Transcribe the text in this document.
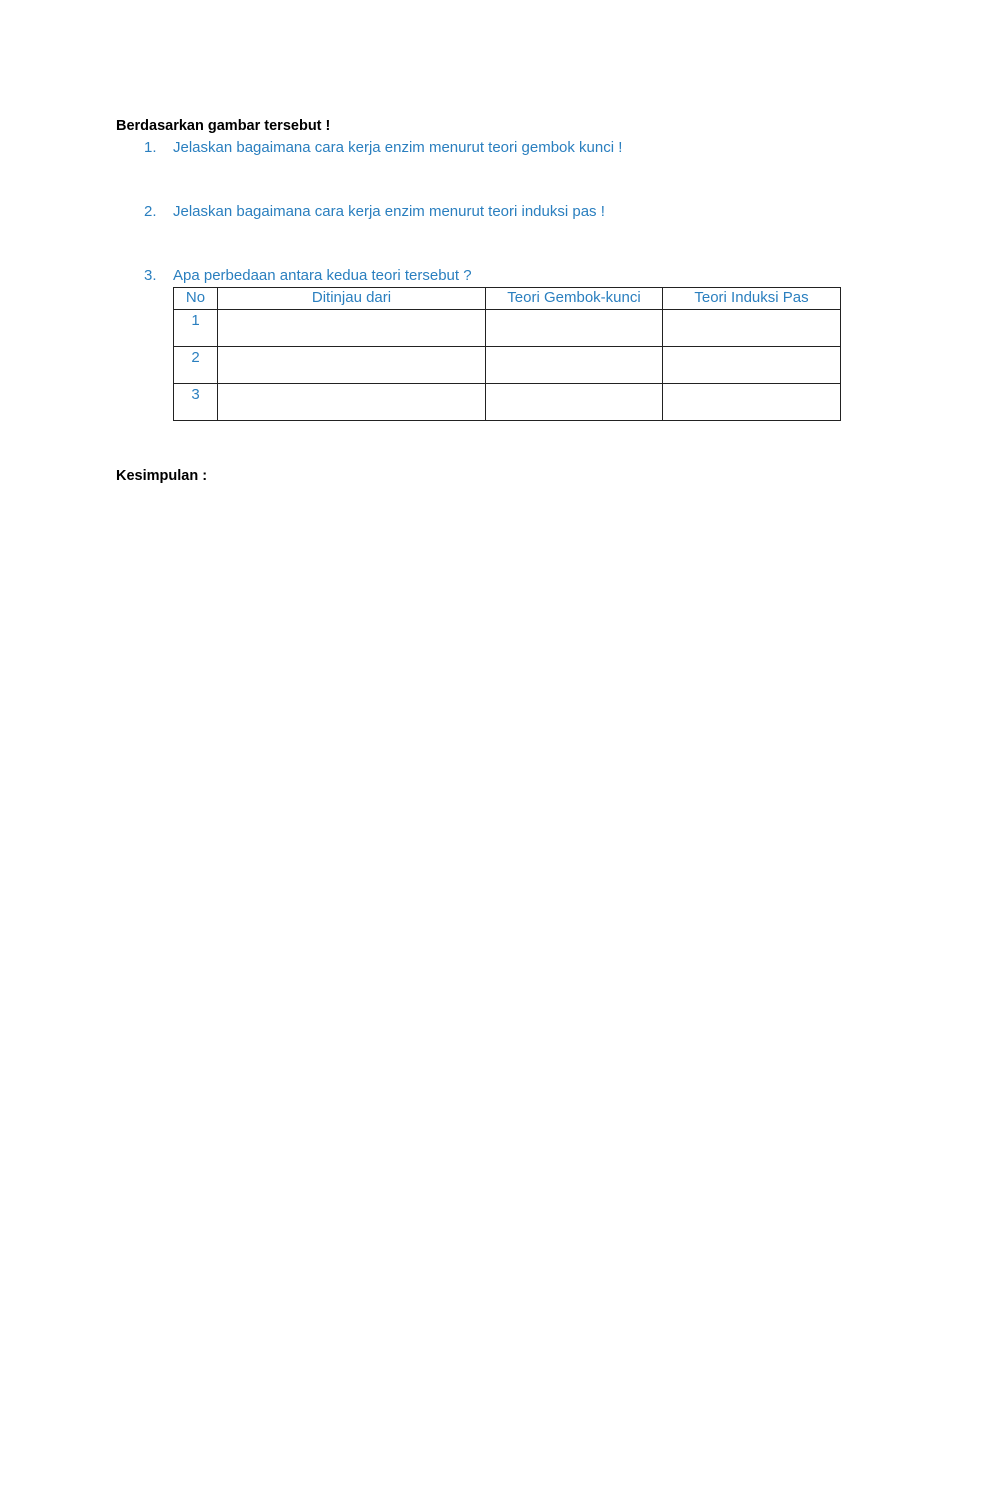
Berdasarkan gambar tersebut !
1. Jelaskan bagaimana cara kerja enzim menurut teori gembok kunci !
2. Jelaskan bagaimana cara kerja enzim menurut teori induksi pas !
3. Apa perbedaan antara kedua teori tersebut ?
No	Ditinjau dari	Teori Gembok-kunci	Teori Induksi Pas
1			
2			
3			
Kesimpulan :
